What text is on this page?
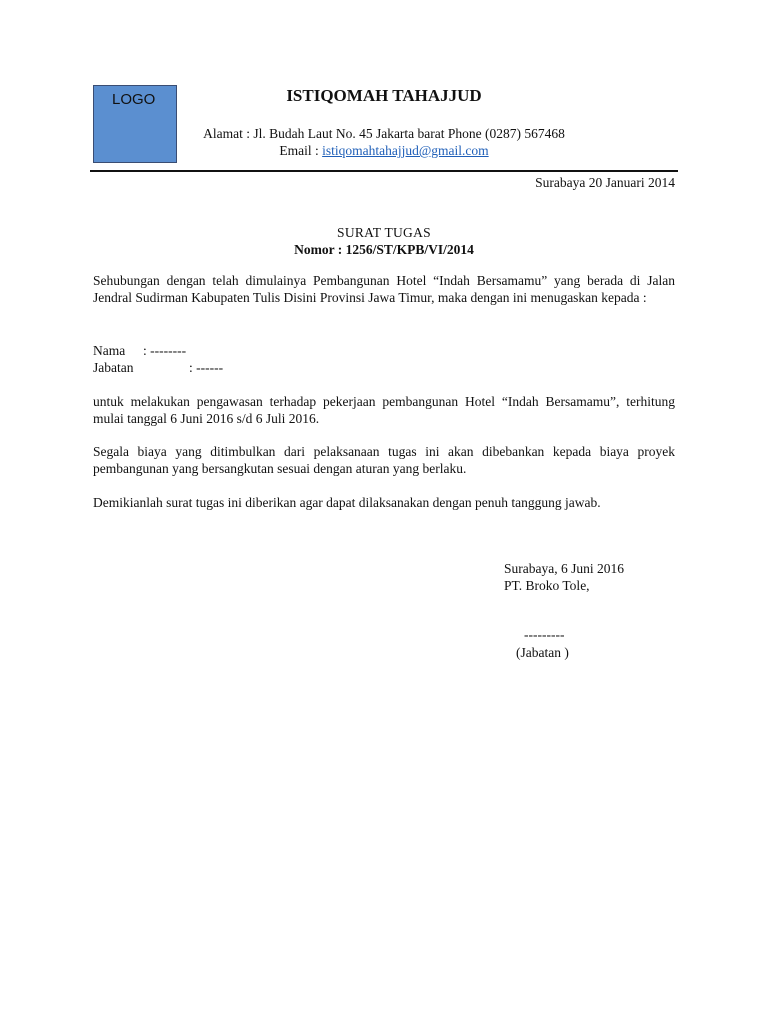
LOGO	ISTIQOMAH TAHAJJUD
Alamat : Jl. Budah Laut No. 45 Jakarta barat Phone (0287) 567468
Email : istiqomahtahajjud@gmail.com
Surabaya 20 Januari 2014
SURAT TUGAS
Nomor : 1256/ST/KPB/VI/2014
Sehubungan dengan telah dimulainya Pembangunan Hotel “Indah Bersamamu” yang berada di Jalan Jendral Sudirman Kabupaten Tulis Disini Provinsi Jawa Timur, maka dengan ini menugaskan kepada :
Nama : --------
Jabatan	: ------
untuk melakukan pengawasan terhadap pekerjaan pembangunan Hotel “Indah Bersamamu”, terhitung mulai tanggal 6 Juni 2016 s/d 6 Juli 2016.
Segala biaya yang ditimbulkan dari pelaksanaan tugas ini akan dibebankan kepada biaya proyek pembangunan yang bersangkutan sesuai dengan aturan yang berlaku.
Demikianlah surat tugas ini diberikan agar dapat dilaksanakan dengan penuh tanggung jawab.
Surabaya, 6 Juni 2016
PT. Broko Tole,
---------
(Jabatan )
